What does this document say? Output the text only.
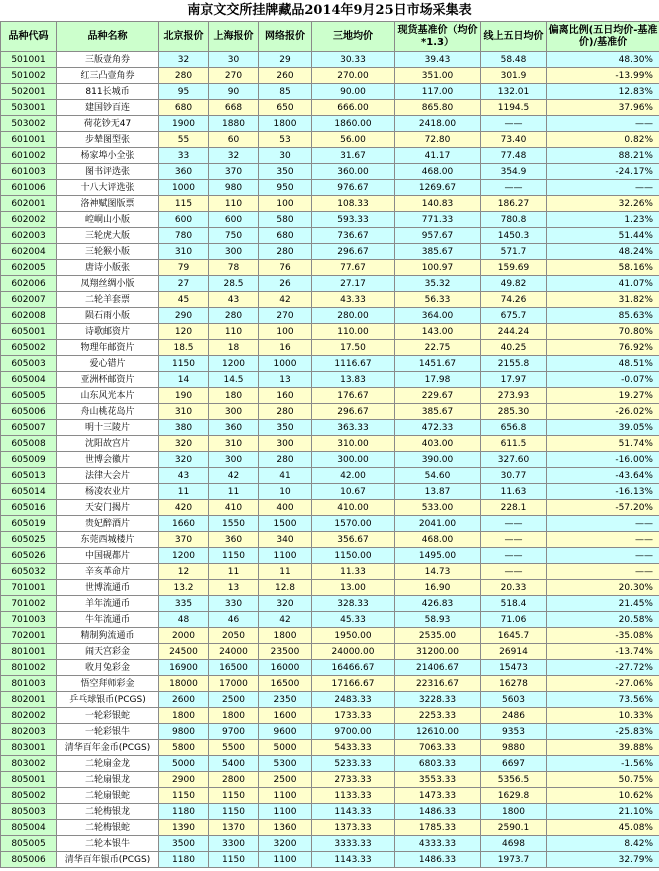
南京文交所挂牌藏品2014年9月25日市场采集表
品种代码	品种名称	北京报价	上海报价	网络报价	三地均价	现货基准价（均价*1.3）	线上五日均价	偏离比例(五日均价-基准价)/基准价
501001	三版壹角券	32	30	29	30.33	39.43	58.48	48.30%
501002	红三凸壹角券	280	270	260	270.00	351.00	301.9	-13.99%
502001	811长城币	95	90	85	90.00	117.00	132.01	12.83%
503001	建国钞百连	680	668	650	666.00	865.80	1194.5	37.96%
503002	荷花钞无47	1900	1880	1800	1860.00	2418.00	——	——
601001	步辇图型张	55	60	53	56.00	72.80	73.40	0.82%
601002	杨家埠小全张	33	32	30	31.67	41.17	77.48	88.21%
601003	图书评选张	360	370	350	360.00	468.00	354.9	-24.17%
601006	十八大评选张	1000	980	950	976.67	1269.67	——	——
602001	洛神赋图版票	115	110	100	108.33	140.83	186.27	32.26%
602002	崆峒山小版	600	600	580	593.33	771.33	780.8	1.23%
602003	三轮虎大版	780	750	680	736.67	957.67	1450.3	51.44%
602004	三轮猴小版	310	300	280	296.67	385.67	571.7	48.24%
602005	唐诗小版张	79	78	76	77.67	100.97	159.69	58.16%
602006	凤翔丝绸小版	27	28.5	26	27.17	35.32	49.82	41.07%
602007	二轮羊套票	45	43	42	43.33	56.33	74.26	31.82%
602008	陨石雨小版	290	280	270	280.00	364.00	675.7	85.63%
605001	诗歌邮资片	120	110	100	110.00	143.00	244.24	70.80%
605002	物理年邮资片	18.5	18	16	17.50	22.75	40.25	76.92%
605003	爱心错片	1150	1200	1000	1116.67	1451.67	2155.8	48.51%
605004	亚洲杯邮资片	14	14.5	13	13.83	17.98	17.97	-0.07%
605005	山东风光本片	190	180	160	176.67	229.67	273.93	19.27%
605006	舟山桃花岛片	310	300	280	296.67	385.67	285.30	-26.02%
605007	明十三陵片	380	360	350	363.33	472.33	656.8	39.05%
605008	沈阳故宫片	320	310	300	310.00	403.00	611.5	51.74%
605009	世博会徽片	320	300	280	300.00	390.00	327.60	-16.00%
605013	法律大会片	43	42	41	42.00	54.60	30.77	-43.64%
605014	杨凌农业片	11	11	10	10.67	13.87	11.63	-16.13%
605016	天安门揭片	420	410	400	410.00	533.00	228.1	-57.20%
605019	贵妃醉酒片	1660	1550	1500	1570.00	2041.00	——	——
605025	东莞西城楼片	370	360	340	356.67	468.00	——	——
605026	中国砚都片	1200	1150	1100	1150.00	1495.00	——	——
605032	辛亥革命片	12	11	11	11.33	14.73	——	——
701001	世博流通币	13.2	13	12.8	13.00	16.90	20.33	20.30%
701002	羊年流通币	335	330	320	328.33	426.83	518.4	21.45%
701003	牛年流通币	48	46	42	45.33	58.93	71.06	20.58%
702001	精制狗流通币	2000	2050	1800	1950.00	2535.00	1645.7	-35.08%
801001	闹天宫彩金	24500	24000	23500	24000.00	31200.00	26914	-13.74%
801002	收月兔彩金	16900	16500	16000	16466.67	21406.67	15473	-27.72%
801003	悟空拜师彩金	18000	17000	16500	17166.67	22316.67	16278	-27.06%
802001	乒乓球银币(PCGS)	2600	2500	2350	2483.33	3228.33	5603	73.56%
802002	一轮彩银蛇	1800	1800	1600	1733.33	2253.33	2486	10.33%
802003	一轮彩银牛	9800	9700	9600	9700.00	12610.00	9353	-25.83%
803001	清华百年金币(PCGS)	5800	5500	5000	5433.33	7063.33	9880	39.88%
803002	二轮扇金龙	5000	5400	5300	5233.33	6803.33	6697	-1.56%
805001	二轮扇银龙	2900	2800	2500	2733.33	3553.33	5356.5	50.75%
805002	二轮扇银蛇	1150	1150	1100	1133.33	1473.33	1629.8	10.62%
805003	二轮梅银龙	1180	1150	1100	1143.33	1486.33	1800	21.10%
805004	二轮梅银蛇	1390	1370	1360	1373.33	1785.33	2590.1	45.08%
805005	二轮本银牛	3500	3300	3200	3333.33	4333.33	4698	8.42%
805006	清华百年银币(PCGS)	1180	1150	1100	1143.33	1486.33	1973.7	32.79%
